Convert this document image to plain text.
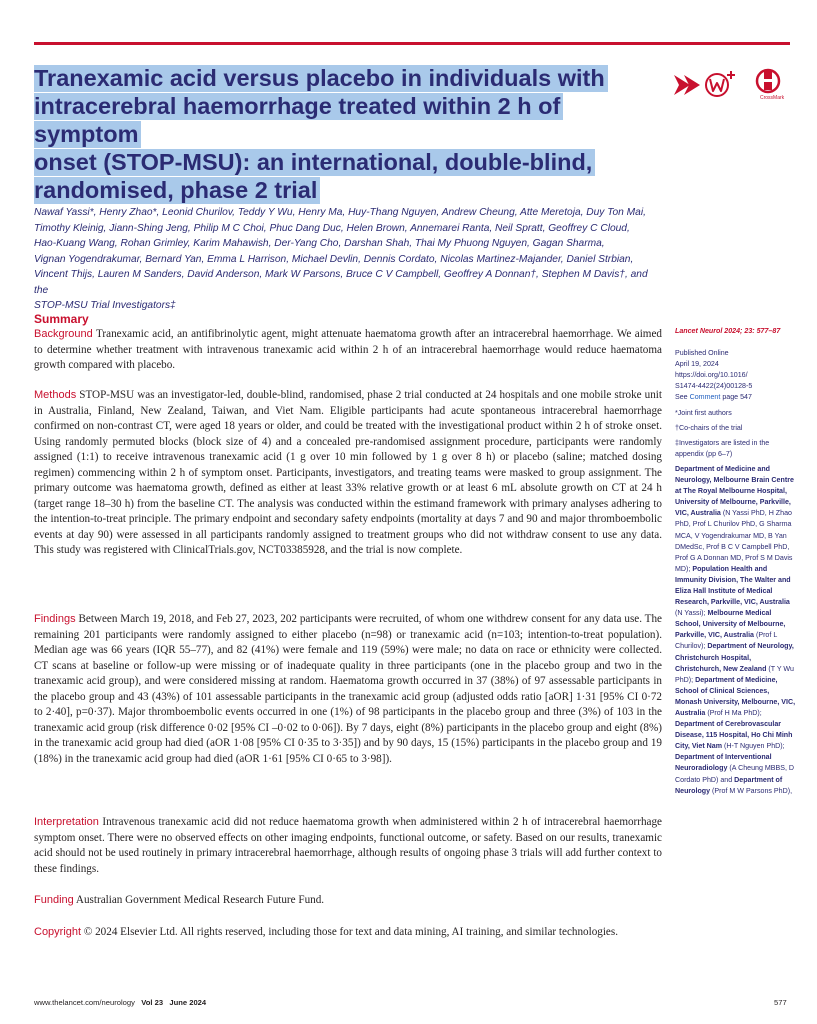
Tranexamic acid versus placebo in individuals with
intracerebral haemorrhage treated within 2 h of symptom
onset (STOP-MSU): an international, double-blind,
randomised, phase 2 trial
CrossMark

Nawaf Yassi*, Henry Zhao*, Leonid Churilov, Teddy Y Wu, Henry Ma, Huy-Thang Nguyen, Andrew Cheung, Atte Meretoja, Duy Ton Mai,
Timothy Kleinig, Jiann-Shing Jeng, Philip M C Choi, Phuc Dang Duc, Helen Brown, Annemarei Ranta, Neil Spratt, Geoffrey C Cloud,
Hao-Kuang Wang, Rohan Grimley, Karim Mahawish, Der-Yang Cho, Darshan Shah, Thai My Phuong Nguyen, Gagan Sharma,
Vignan Yogendrakumar, Bernard Yan, Emma L Harrison, Michael Devlin, Dennis Cordato, Nicolas Martinez-Majander, Daniel Strbian,
Vincent Thijs, Lauren M Sanders, David Anderson, Mark W Parsons, Bruce C V Campbell, Geoffrey A Donnan†, Stephen M Davis†, and the
STOP-MSU Trial Investigators‡

Summary

Background Tranexamic acid, an antifibrinolytic agent, might attenuate haematoma growth after an intracerebral haemorrhage. We aimed to determine whether treatment with intravenous tranexamic acid within 2 h of an intracerebral haemorrhage would reduce haematoma growth compared with placebo.

Methods STOP-MSU was an investigator-led, double-blind, randomised, phase 2 trial conducted at 24 hospitals and one mobile stroke unit in Australia, Finland, New Zealand, Taiwan, and Viet Nam. Eligible participants had acute spontaneous intracerebral haemorrhage confirmed on non-contrast CT, were aged 18 years or older, and could be treated with the investigational product within 2 h of stroke onset. Using randomly permuted blocks (block size of 4) and a concealed pre-randomised assignment procedure, participants were randomly assigned (1:1) to receive intravenous tranexamic acid (1 g over 10 min followed by 1 g over 8 h) or placebo (saline; matched dosing regimen) commencing within 2 h of symptom onset. Participants, investigators, and treating teams were masked to group assignment. The primary outcome was haematoma growth, defined as either at least 33% relative growth or at least 6 mL absolute growth on CT at 24 h (target range 18–30 h) from the baseline CT. The analysis was conducted within the estimand framework with primary analyses adhering to the intention-to-treat principle. The primary endpoint and secondary safety endpoints (mortality at days 7 and 90 and major thromboembolic events at day 90) were assessed in all participants randomly assigned to treatment groups who did not withdraw consent to use any data. This study was registered with ClinicalTrials.gov, NCT03385928, and the trial is now complete.

Findings Between March 19, 2018, and Feb 27, 2023, 202 participants were recruited, of whom one withdrew consent for any data use. The remaining 201 participants were randomly assigned to either placebo (n=98) or tranexamic acid (n=103; intention-to-treat population). Median age was 66 years (IQR 55–77), and 82 (41%) were female and 119 (59%) were male; no data on race or ethnicity were collected. CT scans at baseline or follow-up were missing or of inadequate quality in three participants (one in the placebo group and two in the tranexamic acid group), and were considered missing at random. Haematoma growth occurred in 37 (38%) of 97 assessable participants in the placebo group and 43 (43%) of 101 assessable participants in the tranexamic acid group (adjusted odds ratio [aOR] 1·31 [95% CI 0·72 to 2·40], p=0·37). Major thromboembolic events occurred in one (1%) of 98 participants in the placebo group and three (3%) of 103 in the tranexamic acid group (risk difference 0·02 [95% CI –0·02 to 0·06]). By 7 days, eight (8%) participants in the placebo group and eight (8%) in the tranexamic acid group had died (aOR 1·08 [95% CI 0·35 to 3·35]) and by 90 days, 15 (15%) participants in the placebo group and 19 (18%) in the tranexamic acid group had died (aOR 1·61 [95% CI 0·65 to 3·98]).

Interpretation Intravenous tranexamic acid did not reduce haematoma growth when administered within 2 h of intracerebral haemorrhage symptom onset. There were no observed effects on other imaging endpoints, functional outcome, or safety. Based on our results, tranexamic acid should not be used routinely in primary intracerebral haemorrhage, although results of ongoing phase 3 trials will add further context to these findings.

Funding Australian Government Medical Research Future Fund.

Copyright © 2024 Elsevier Ltd. All rights reserved, including those for text and data mining, AI training, and similar technologies.

Lancet Neurol 2024; 23: 577–87

Published Online

April 19, 2024

https://doi.org/10.1016/

S1474-4422(24)00128-5

See Comment page 547

*Joint first authors

†Co-chairs of the trial

‡Investigators are listed in the appendix (pp 6–7)

Department of Medicine and Neurology, Melbourne Brain Centre at The Royal Melbourne Hospital, University of Melbourne, Parkville, VIC, Australia (N Yassi PhD, H Zhao PhD, Prof L Churilov PhD, G Sharma MCA, V Yogendrakumar MD, B Yan DMedSc, Prof B C V Campbell PhD, Prof G A Donnan MD, Prof S M Davis MD); Population Health and Immunity Division, The Walter and Eliza Hall Institute of Medical Research, Parkville, VIC, Australia (N Yassi); Melbourne Medical School, University of Melbourne, Parkville, VIC, Australia (Prof L Churilov); Department of Neurology, Christchurch Hospital, Christchurch, New Zealand (T Y Wu PhD); Department of Medicine, School of Clinical Sciences, Monash University, Melbourne, VIC, Australia (Prof H Ma PhD); Department of Cerebrovascular Disease, 115 Hospital, Ho Chi Minh City, Viet Nam (H-T Nguyen PhD); Department of Interventional Neuroradiology (A Cheung MBBS, D Cordato PhD) and Department of Neurology (Prof M W Parsons PhD),

www.thelancet.com/neurology Vol 23 June 2024	577
